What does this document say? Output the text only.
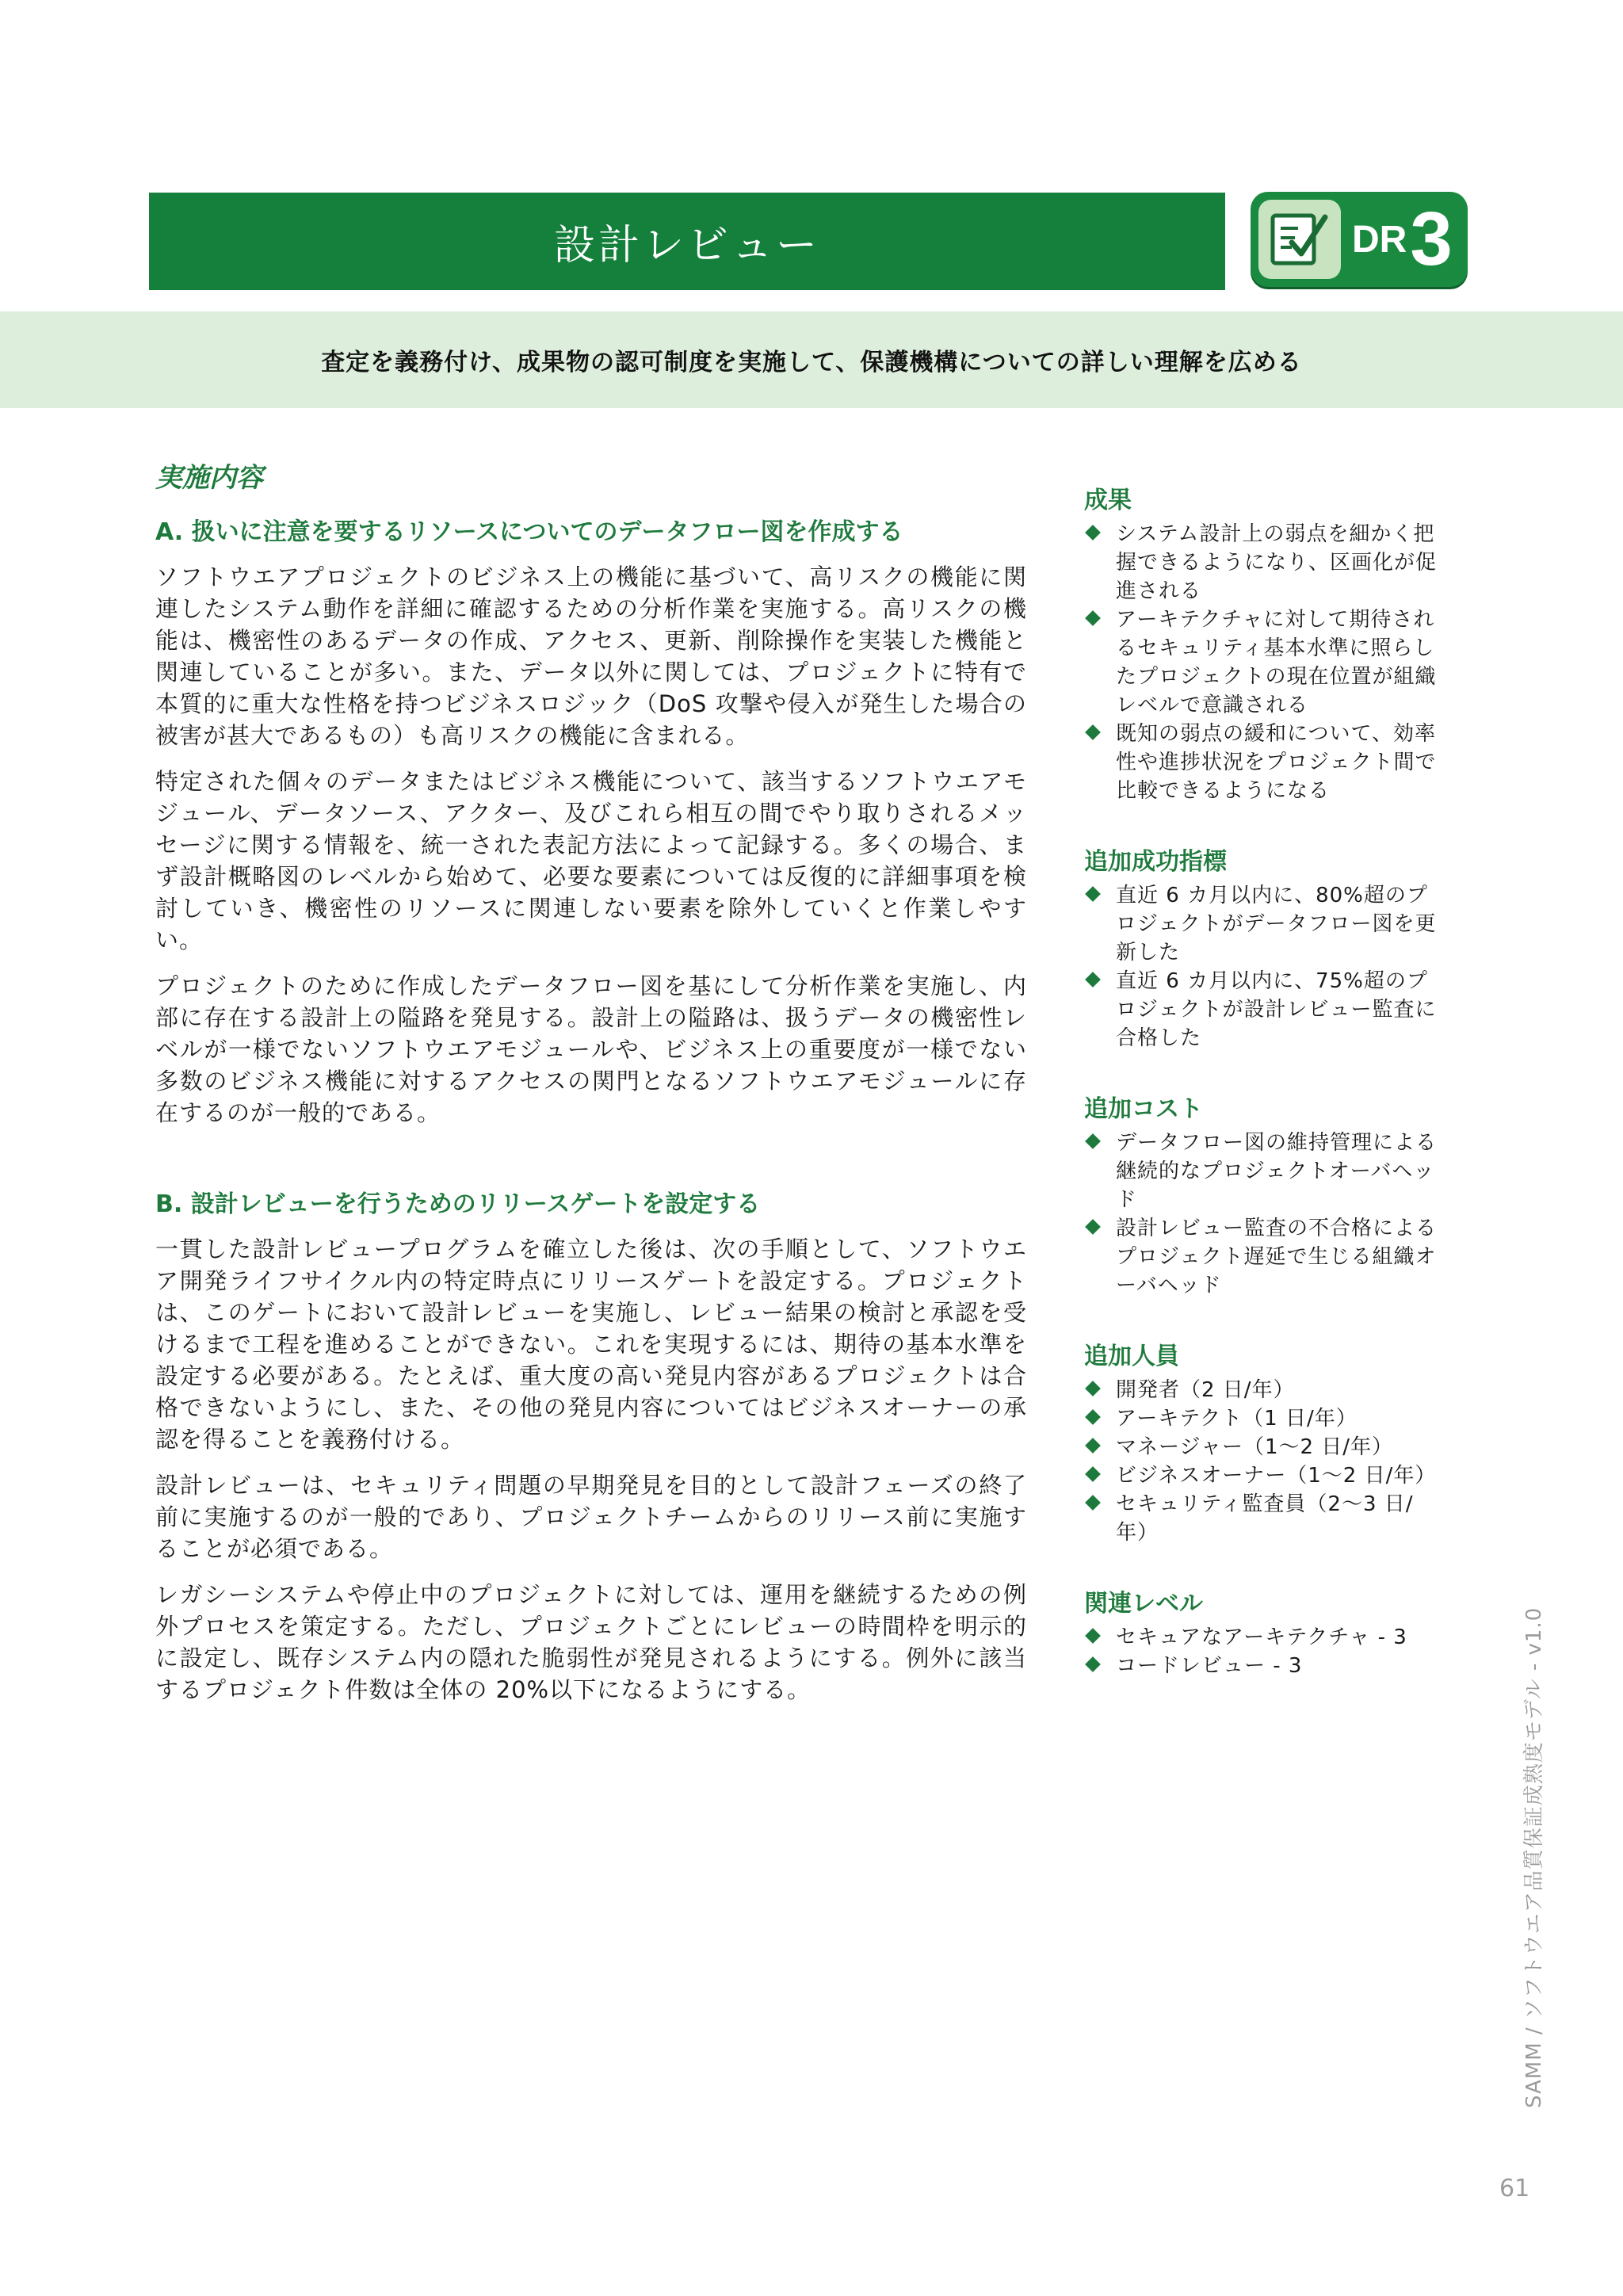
設計レビュー	DR 3
査定を義務付け、成果物の認可制度を実施して、保護機構についての詳しい理解を広める
実施内容
A. 扱いに注意を要するリソースについてのデータフロー図を作成する

ソフトウエアプロジェクトのビジネス上の機能に基づいて、高リスクの機能に関連したシステム動作を詳細に確認するための分析作業を実施する。高リスクの機能は、機密性のあるデータの作成、アクセス、更新、削除操作を実装した機能と関連していることが多い。また、データ以外に関しては、プロジェクトに特有で本質的に重大な性格を持つビジネスロジック（DoS 攻撃や侵入が発生した場合の被害が甚大であるもの）も高リスクの機能に含まれる。

特定された個々のデータまたはビジネス機能について、該当するソフトウエアモジュール、データソース、アクター、及びこれら相互の間でやり取りされるメッセージに関する情報を、統一された表記方法によって記録する。多くの場合、まず設計概略図のレベルから始めて、必要な要素については反復的に詳細事項を検討していき、機密性のリソースに関連しない要素を除外していくと作業しやすい。

プロジェクトのために作成したデータフロー図を基にして分析作業を実施し、内部に存在する設計上の隘路を発見する。設計上の隘路は、扱うデータの機密性レベルが一様でないソフトウエアモジュールや、ビジネス上の重要度が一様でない多数のビジネス機能に対するアクセスの関門となるソフトウエアモジュールに存在するのが一般的である。

B. 設計レビューを行うためのリリースゲートを設定する

一貫した設計レビュープログラムを確立した後は、次の手順として、ソフトウエア開発ライフサイクル内の特定時点にリリースゲートを設定する。プロジェクトは、このゲートにおいて設計レビューを実施し、レビュー結果の検討と承認を受けるまで工程を進めることができない。これを実現するには、期待の基本水準を設定する必要がある。たとえば、重大度の高い発見内容があるプロジェクトは合格できないようにし、また、その他の発見内容についてはビジネスオーナーの承認を得ることを義務付ける。

設計レビューは、セキュリティ問題の早期発見を目的として設計フェーズの終了前に実施するのが一般的であり、プロジェクトチームからのリリース前に実施することが必須である。

レガシーシステムや停止中のプロジェクトに対しては、運用を継続するための例外プロセスを策定する。ただし、プロジェクトごとにレビューの時間枠を明示的に設定し、既存システム内の隠れた脆弱性が発見されるようにする。例外に該当するプロジェクト件数は全体の 20%以下になるようにする。

成果
システム設計上の弱点を細かく把握できるようになり、区画化が促進される
アーキテクチャに対して期待されるセキュリティ基本水準に照らしたプロジェクトの現在位置が組織レベルで意識される
既知の弱点の緩和について、効率性や進捗状況をプロジェクト間で比較できるようになる
追加成功指標
直近 6 カ月以内に、80%超のプロジェクトがデータフロー図を更新した
直近 6 カ月以内に、75%超のプロジェクトが設計レビュー監査に合格した
追加コスト
データフロー図の維持管理による継続的なプロジェクトオーバヘッド
設計レビュー監査の不合格によるプロジェクト遅延で生じる組織オーバヘッド
追加人員
開発者（2 日/年）
アーキテクト（1 日/年）
マネージャー（1～2 日/年）
ビジネスオーナー（1～2 日/年）
セキュリティ監査員（2～3 日/年）
関連レベル
セキュアなアーキテクチャ - 3
コードレビュー - 3	SAMM / ソフトウエア品質保証成熟度モデル - v1.0
61
